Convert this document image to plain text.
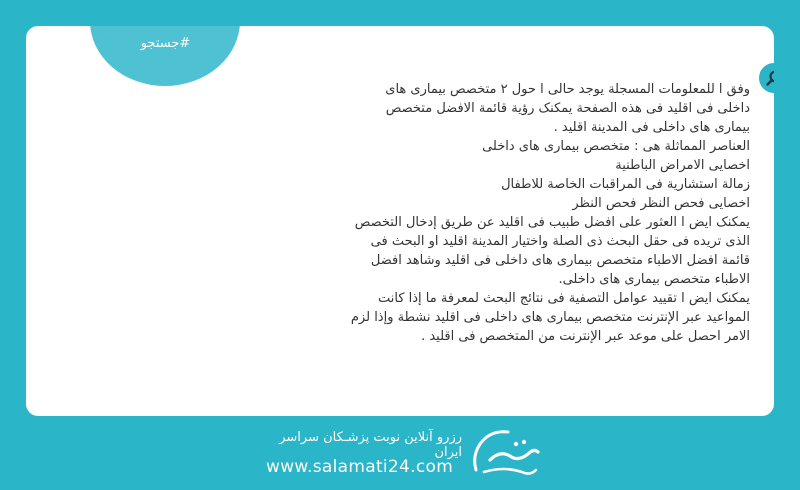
#جستجو
وفق ا للمعلومات المسجلة يوجد حالى ا حول ۲ متخصص بیماری های داخلی فی اقلید فی هذه الصفحة یمکنک رؤیة قائمة الافضل متخصص بیماری های داخلی فی المدینة اقلید .
العناصر المماثلة هی : متخصص بیماری های داخلی
اخصایی الامراض الباطنیة
زمالة استشاریة فی المراقبات الخاصة للاطفال
اخصایی فحص النظر فحص النظر
یمکنک ایض ا العثور علی افضل طبیب فی اقلید عن طریق إدخال التخصص الذی تریده فی حقل البحث ذی الصلة واختیار المدینة اقلید او البحث فی قائمة افضل الاطباء متخصص بیماری های داخلی فی اقلید وشاهد افضل الاطباء متخصص بیماری های داخلی.
یمکنک ایض ا تقیید عوامل التصفیة فی نتائج البحث لمعرفة ما إذا کانت المواعید عبر الإنترنت متخصص بیماری های داخلی فی اقلید نشطة وإذا لزم الامر احصل علی موعد عبر الإنترنت من المتخصص فی اقلید .
رزرو آنلاین نوبت پزشـکان سراسر ایران
www.salamati24.com
